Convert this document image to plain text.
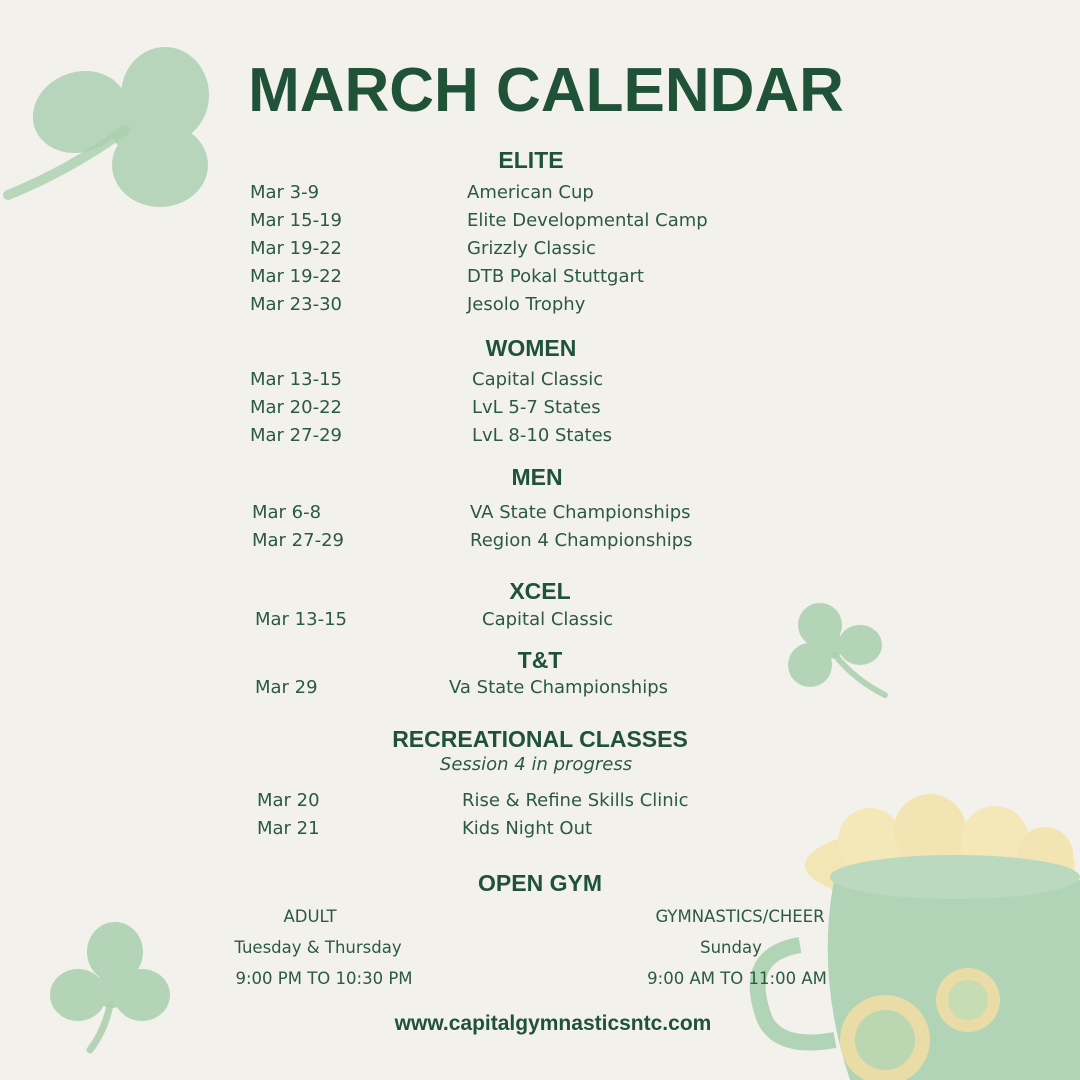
MARCH CALENDAR
ELITE
Mar 3-9	American Cup
Mar 15-19	Elite Developmental Camp
Mar 19-22	Grizzly Classic
Mar 19-22	DTB Pokal Stuttgart
Mar 23-30	Jesolo Trophy
WOMEN
Mar 13-15	Capital Classic
Mar 20-22	LvL 5-7 States
Mar 27-29	LvL 8-10 States
MEN
Mar 6-8	VA State Championships
Mar 27-29	Region 4 Championships
XCEL
Mar 13-15	Capital Classic
T&T
Mar 29	Va State Championships
RECREATIONAL CLASSES
Session 4 in progress
Mar 20	Rise & Refine Skills Clinic
Mar 21	Kids Night Out
OPEN GYM
ADULT
Tuesday & Thursday
9:00 PM TO 10:30 PM
GYMNASTICS/CHEER
Sunday
9:00 AM TO 11:00 AM
www.capitalgymnasticsntc.com
